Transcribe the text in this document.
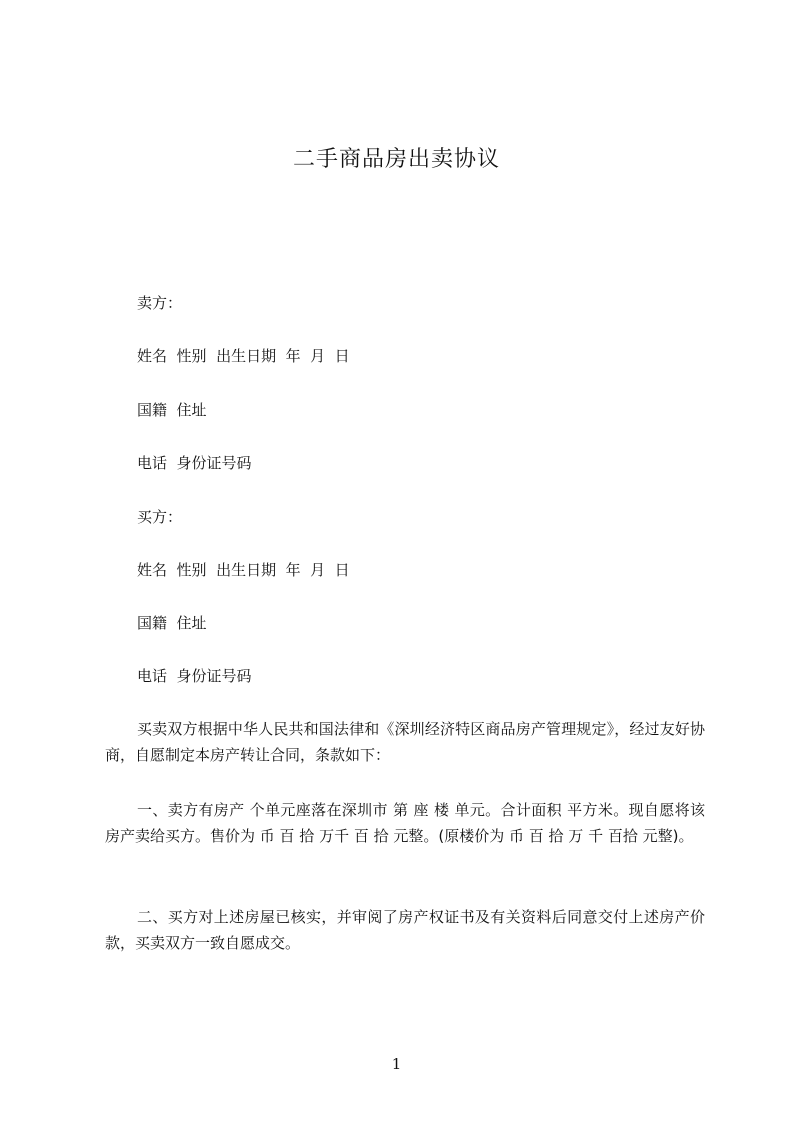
二手商品房出卖协议
卖方：
姓名  性别  出生日期  年  月  日
国籍  住址
电话  身份证号码
买方：
姓名  性别  出生日期  年  月  日
国籍  住址
电话  身份证号码
买卖双方根据中华人民共和国法律和《深圳经济特区商品房产管理规定》，经过友好协商，自愿制定本房产转让合同，条款如下：
一、卖方有房产 个单元座落在深圳市 第 座 楼 单元。合计面积 平方米。现自愿将该房产卖给买方。售价为 币 百 拾 万千 百 拾 元整。(原楼价为 币 百 拾 万 千 百拾 元整)。
二、买方对上述房屋已核实，并审阅了房产权证书及有关资料后同意交付上述房产价款，买卖双方一致自愿成交。
1
